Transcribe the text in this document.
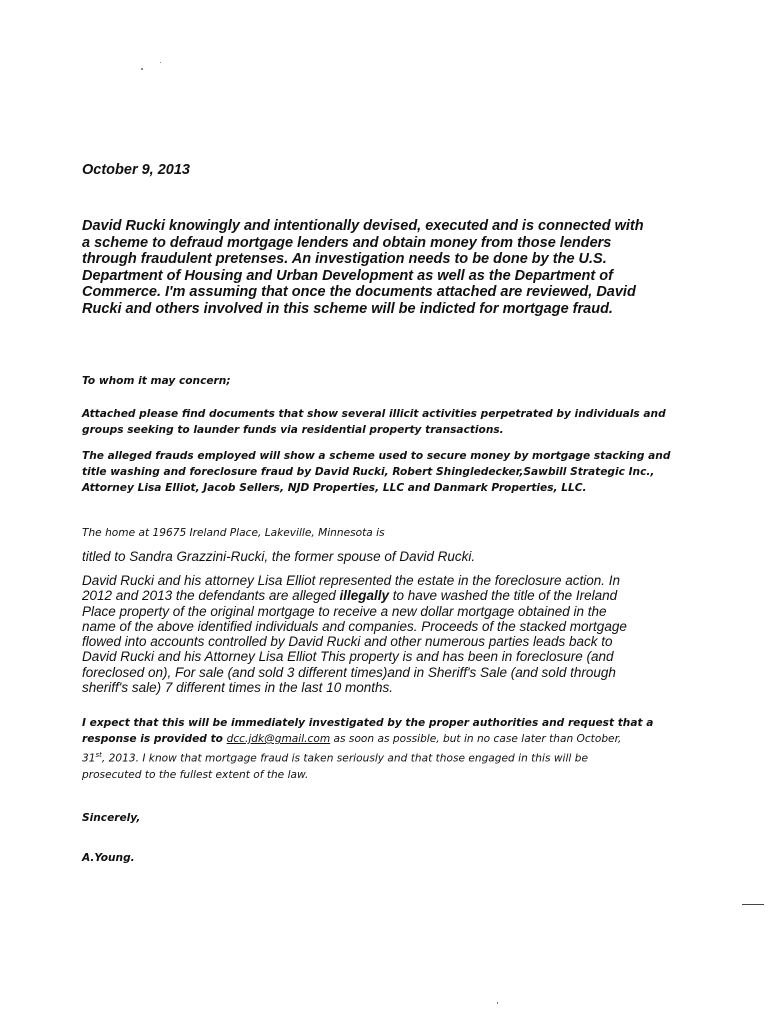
October 9, 2013
David Rucki knowingly and intentionally devised, executed and is connected with
a scheme to defraud mortgage lenders and obtain money from those lenders
through fraudulent pretenses. An investigation needs to be done by the U.S.
Department of Housing and Urban Development as well as the Department of
Commerce. I'm assuming that once the documents attached are reviewed, David
Rucki and others involved in this scheme will be indicted for mortgage fraud.
To whom it may concern;
Attached please find documents that show several illicit activities perpetrated by individuals and
groups seeking to launder funds via residential property transactions.
The alleged frauds employed will show a scheme used to secure money by mortgage stacking and
title washing and foreclosure fraud by David Rucki, Robert Shingledecker,Sawbill Strategic Inc.,
Attorney Lisa Elliot, Jacob Sellers, NJD Properties, LLC and Danmark Properties, LLC.
The home at 19675 Ireland Place, Lakeville, Minnesota is
titled to Sandra Grazzini-Rucki, the former spouse of David Rucki.
David Rucki and his attorney Lisa Elliot represented the estate in the foreclosure action. In
2012 and 2013 the defendants are alleged illegally to have washed the title of the Ireland
Place property of the original mortgage to receive a new dollar mortgage obtained in the
name of the above identified individuals and companies. Proceeds of the stacked mortgage
flowed into accounts controlled by David Rucki and other numerous parties leads back to
David Rucki and his Attorney Lisa Elliot This property is and has been in foreclosure (and
foreclosed on), For sale (and sold 3 different times)and in Sheriff's Sale (and sold through
sheriff's sale) 7 different times in the last 10 months.
I expect that this will be immediately investigated by the proper authorities and request that a
response is provided to dcc.jdk@gmail.com as soon as possible, but in no case later than October,
31st, 2013. I know that mortgage fraud is taken seriously and that those engaged in this will be
prosecuted to the fullest extent of the law.
Sincerely,
A.Young.
